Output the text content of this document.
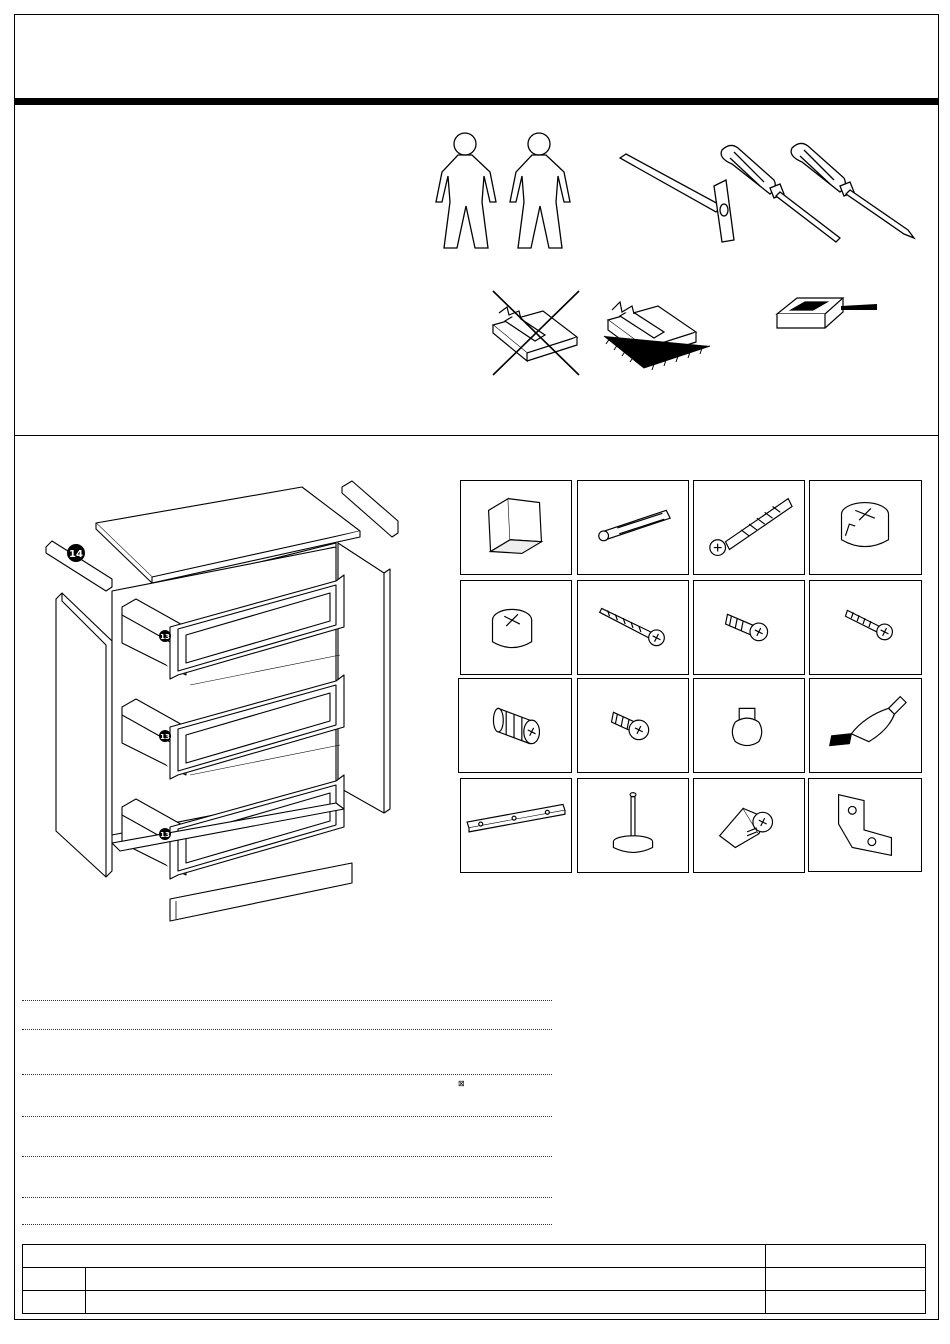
14
13
13
13
⊠
